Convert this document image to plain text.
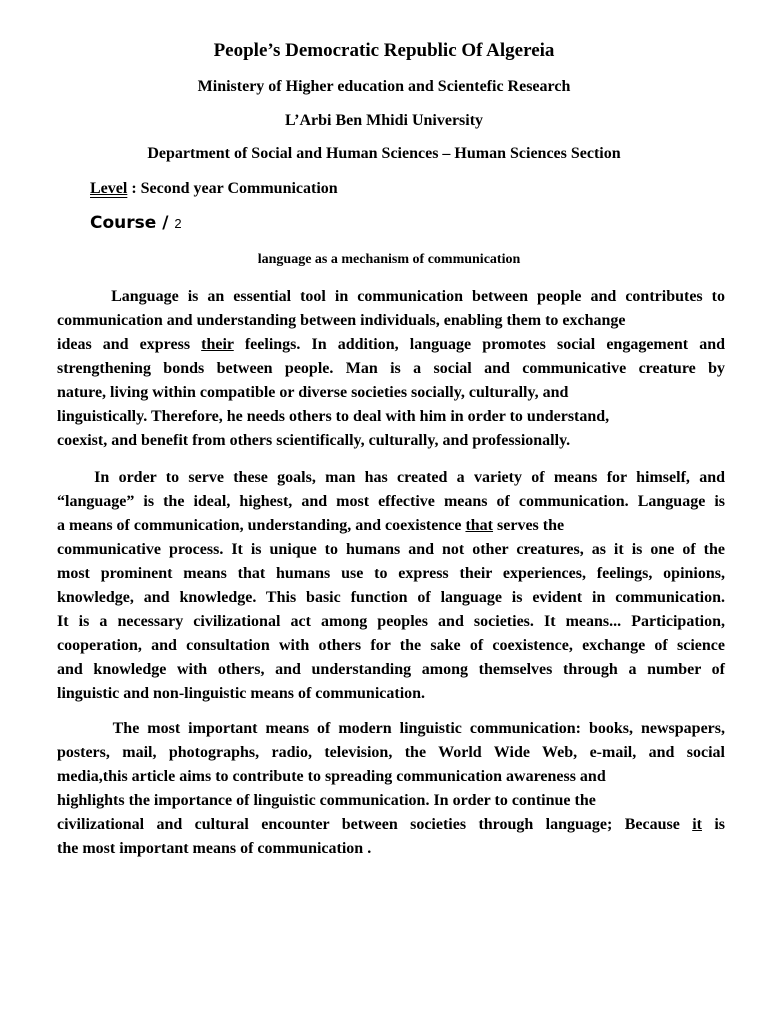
People’s Democratic Republic Of Algereia

Ministery of Higher education and Scientefic Research

L’Arbi Ben Mhidi University

Department of Social and Human Sciences – Human Sciences Section

Level : Second year Communication
Course / 2
language as a mechanism of communication
Language is an essential tool in communication between people and contributes to
communication and understanding between individuals, enabling them to exchange
ideas and express their feelings. In addition, language promotes social engagement and
strengthening bonds between people. Man is a social and communicative creature by
nature, living within compatible or diverse societies socially, culturally, and
linguistically. Therefore, he needs others to deal with him in order to understand,
coexist, and benefit from others scientifically, culturally, and professionally.
In order to serve these goals, man has created a variety of means for himself, and
“language” is the ideal, highest, and most effective means of communication. Language is
a means of communication, understanding, and coexistence that serves the
communicative process. It is unique to humans and not other creatures, as it is one of the
most prominent means that humans use to express their experiences, feelings, opinions,
knowledge, and knowledge. This basic function of language is evident in communication.
It is a necessary civilizational act among peoples and societies. It means... Participation,
cooperation, and consultation with others for the sake of coexistence, exchange of science
and knowledge with others, and understanding among themselves through a number of
linguistic and non-linguistic means of communication.
The most important means of modern linguistic communication: books, newspapers,
posters, mail, photographs, radio, television, the World Wide Web, e-mail, and social
media,this article aims to contribute to spreading communication awareness and
highlights the importance of linguistic communication. In order to continue the
civilizational and cultural encounter between societies through language; Because it is
the most important means of communication .
